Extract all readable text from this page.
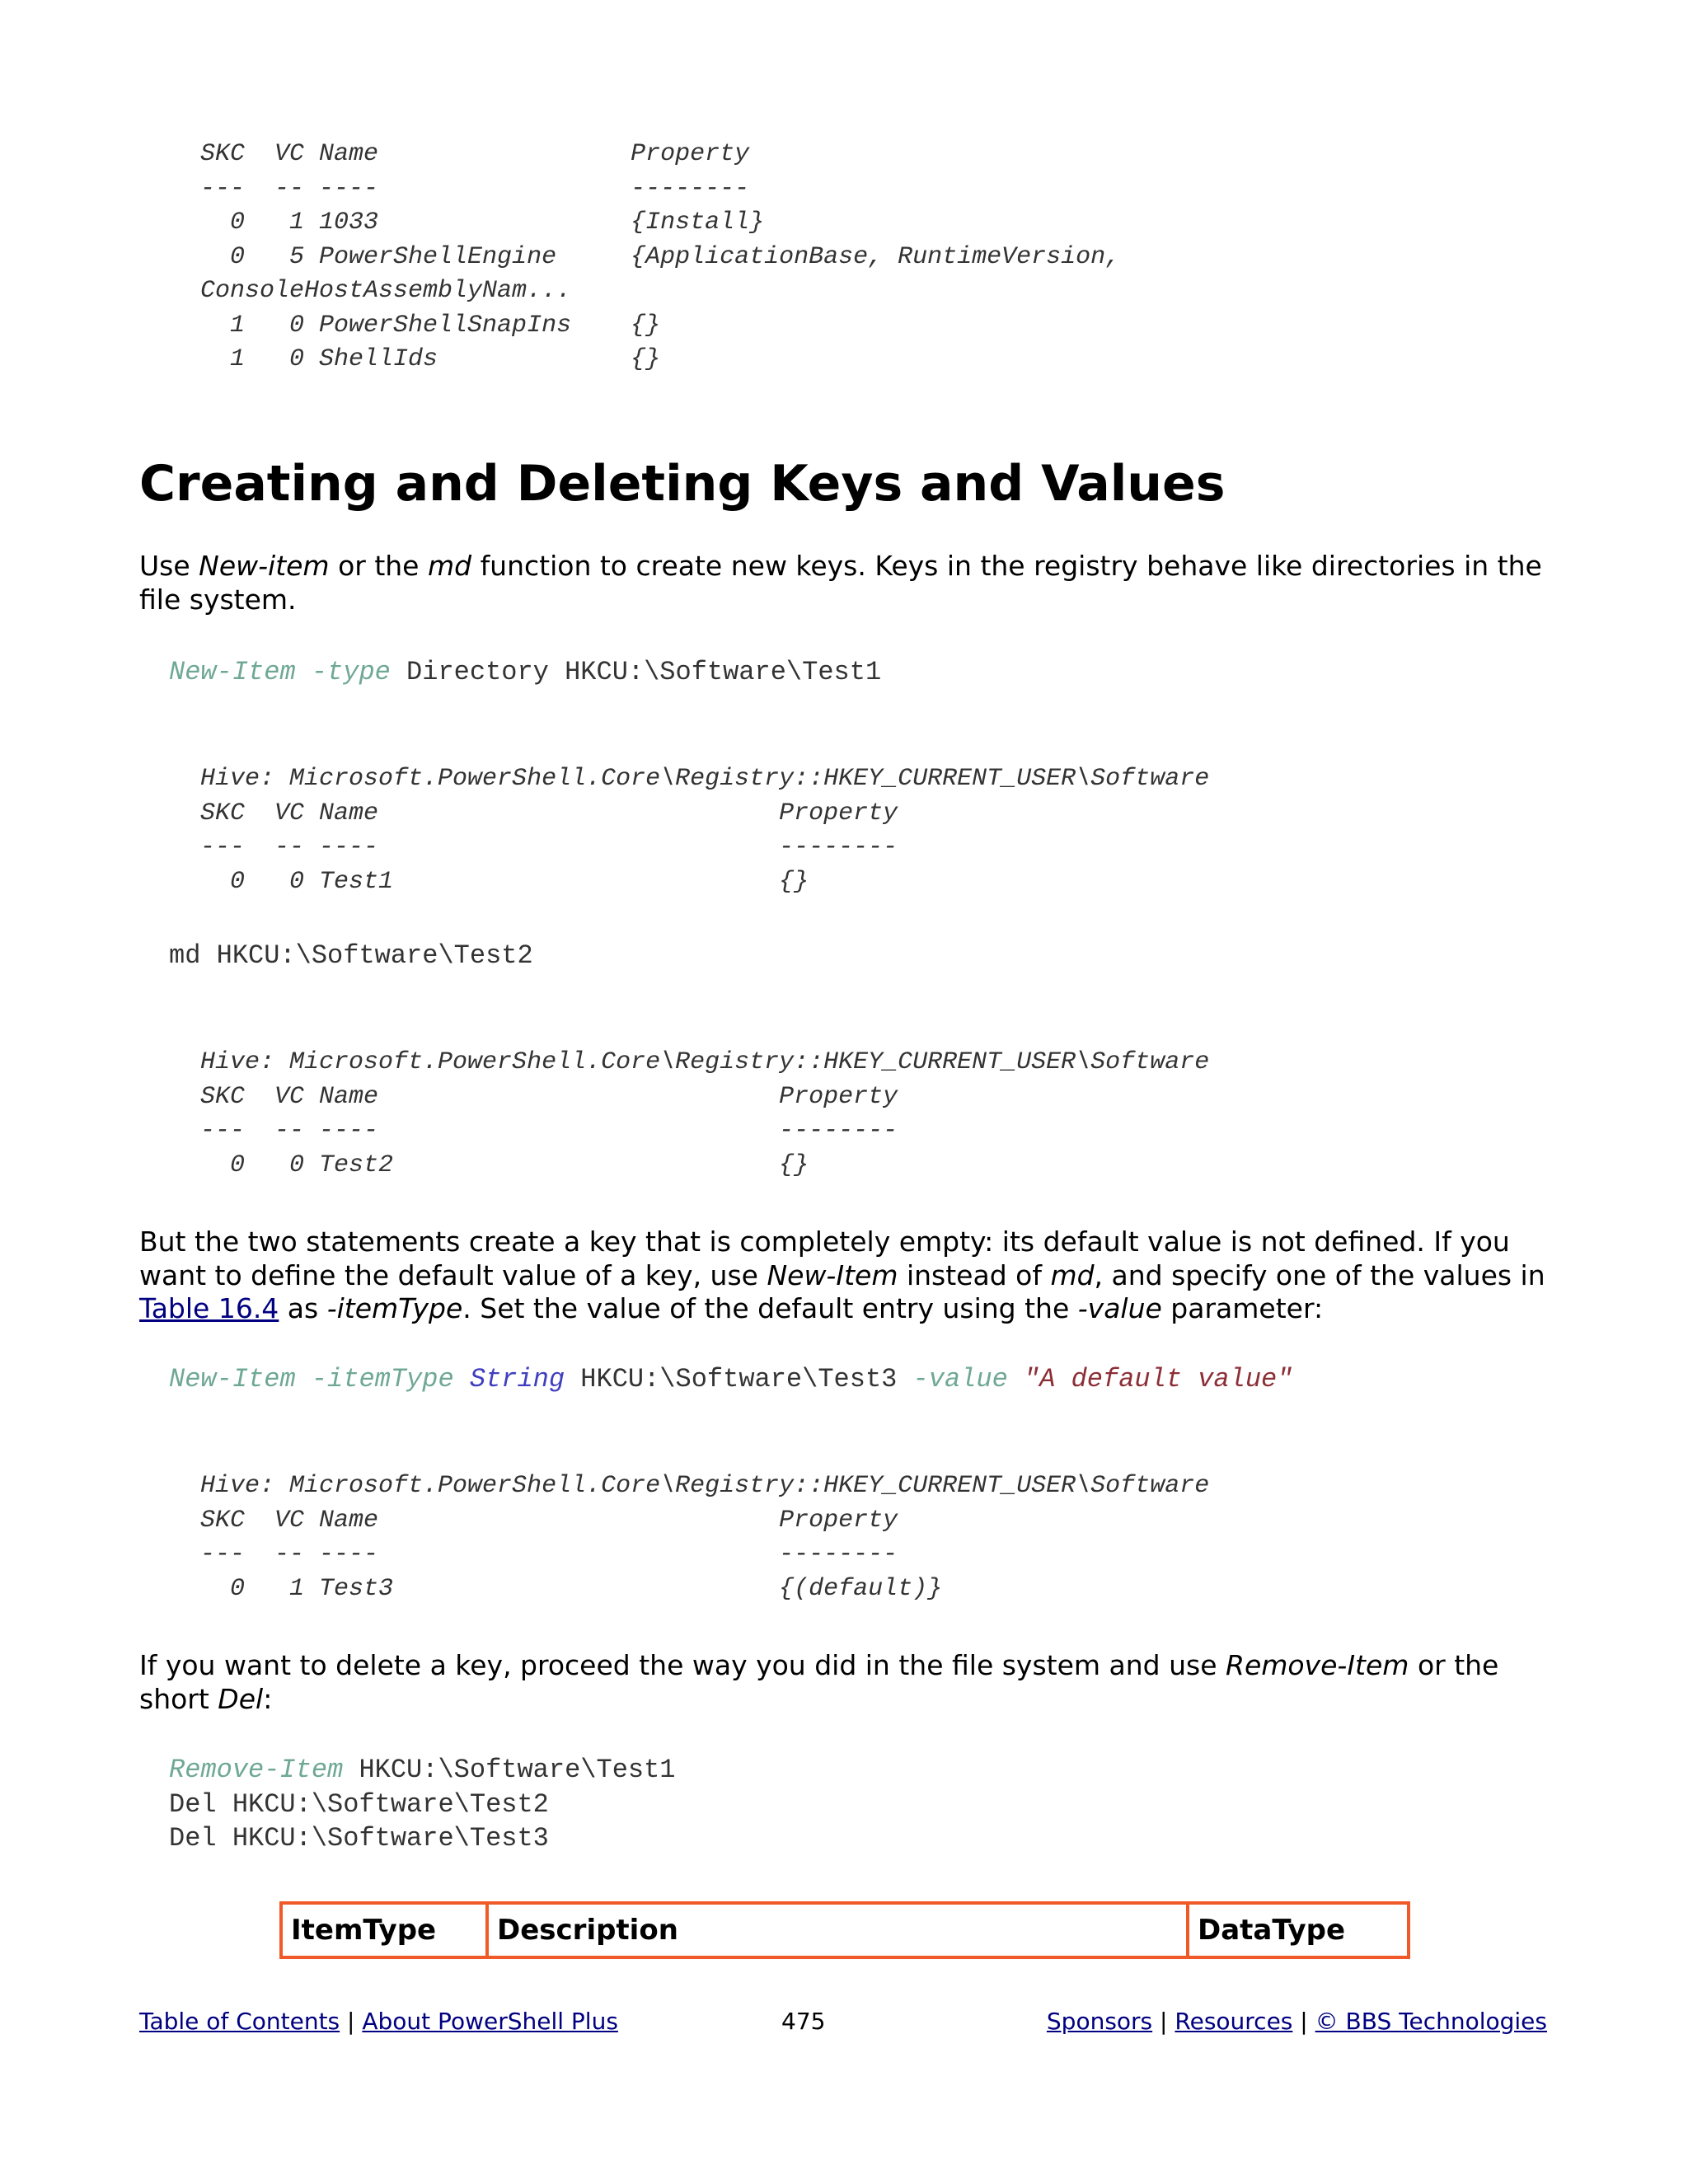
SKC  VC Name                 Property
---  -- ----                 --------
0   1 1033                 {Install}
0   5 PowerShellEngine     {ApplicationBase, RuntimeVersion,
ConsoleHostAssemblyNam...
1   0 PowerShellSnapIns    {}
1   0 ShellIds             {}
Creating and Deleting Keys and Values

Use New-item or the md function to create new keys. Keys in the registry behave like directories in the file system.

New-Item -type Directory HKCU:\Software\Test1
Hive: Microsoft.PowerShell.Core\Registry::HKEY_CURRENT_USER\Software
SKC  VC Name                           Property
---  -- ----                           --------
0   0 Test1                          {}
md HKCU:\Software\Test2
Hive: Microsoft.PowerShell.Core\Registry::HKEY_CURRENT_USER\Software
SKC  VC Name                           Property
---  -- ----                           --------
0   0 Test2                          {}

But the two statements create a key that is completely empty: its default value is not defined. If you want to define the default value of a key, use New-Item instead of md, and specify one of the values in Table 16.4 as -itemType. Set the value of the default entry using the -value parameter:

New-Item -itemType String HKCU:\Software\Test3 -value "A default value"
Hive: Microsoft.PowerShell.Core\Registry::HKEY_CURRENT_USER\Software
SKC  VC Name                           Property
---  -- ----                           --------
0   1 Test3                          {(default)}

If you want to delete a key, proceed the way you did in the file system and use Remove-Item or the short Del:

Remove-Item HKCU:\Software\Test1
Del HKCU:\Software\Test2
Del HKCU:\Software\Test3
ItemType	Description	DataType
Table of Contents | About PowerShell Plus	475	Sponsors | Resources | © BBS Technologies
